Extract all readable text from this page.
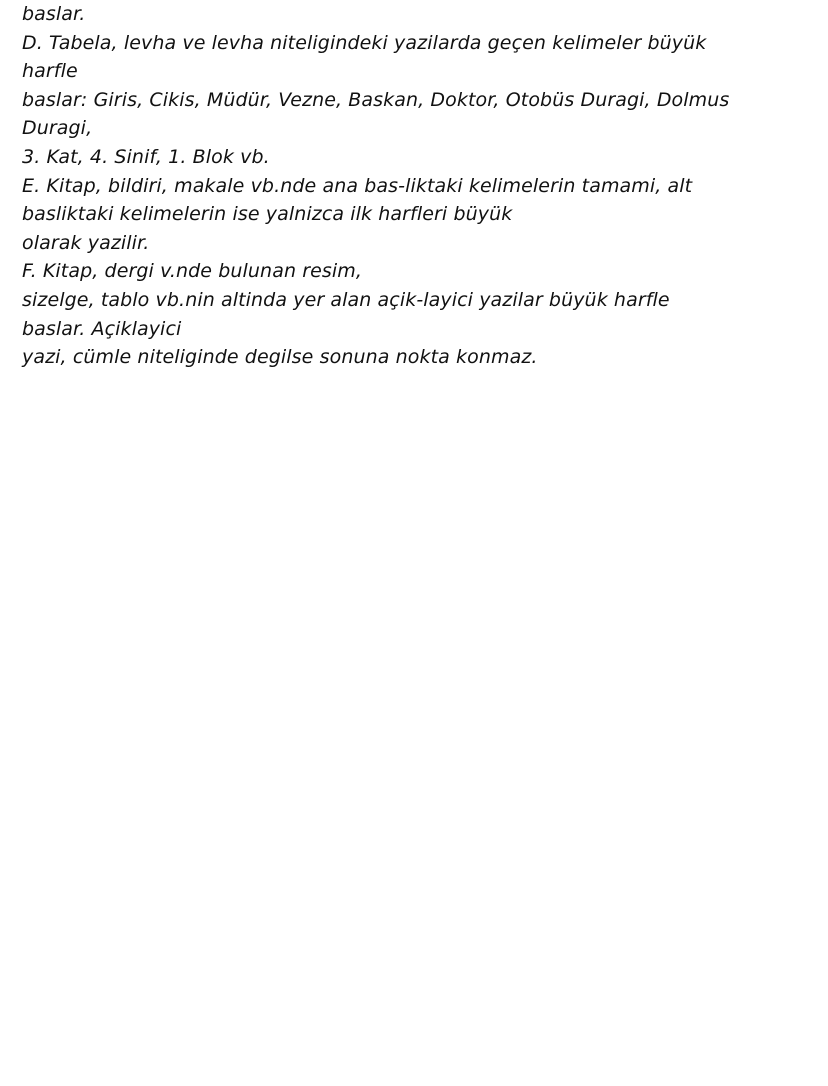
baslar.
D. Tabela, levha ve levha niteligindeki yazilarda geçen kelimeler büyük
harfle
baslar: Giris, Cikis, Müdür, Vezne, Baskan, Doktor, Otobüs Duragi, Dolmus
Duragi,
3. Kat, 4. Sinif, 1. Blok vb.
E. Kitap, bildiri, makale vb.nde ana bas-liktaki kelimelerin tamami, alt
basliktaki kelimelerin ise yalnizca ilk harfleri büyük
olarak yazilir.
F. Kitap, dergi v.nde bulunan resim,
sizelge, tablo vb.nin altinda yer alan açik-layici yazilar büyük harfle
baslar. Açiklayici
yazi, cümle niteliginde degilse sonuna nokta konmaz.
